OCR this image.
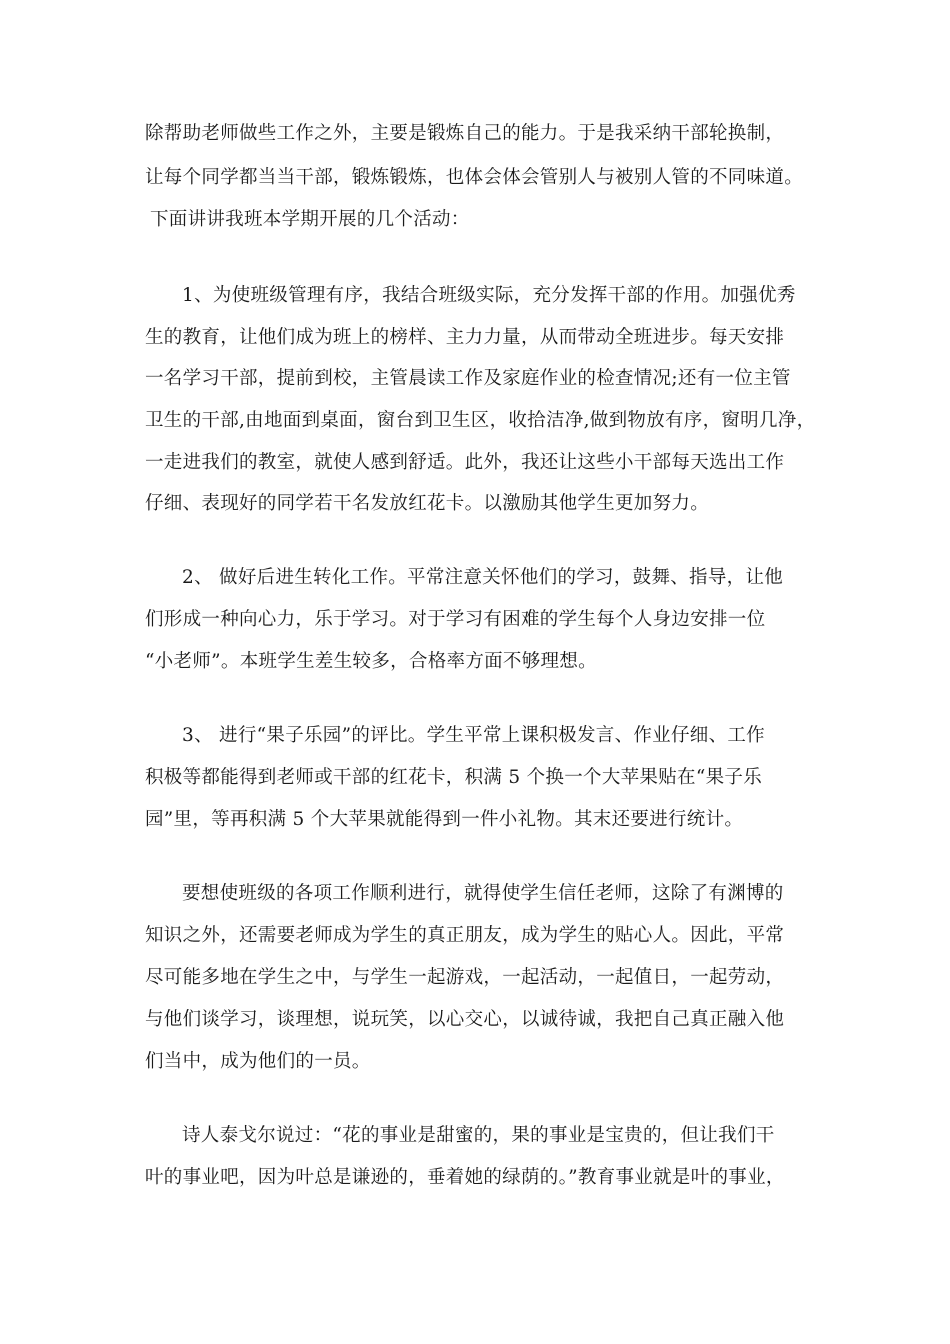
除帮助老师做些工作之外，主要是锻炼自己的能力。于是我采纳干部轮换制，
让每个同学都当当干部，锻炼锻炼，也体会体会管别人与被别人管的不同味道。
下面讲讲我班本学期开展的几个活动：
1、为使班级管理有序，我结合班级实际，充分发挥干部的作用。加强优秀
生的教育，让他们成为班上的榜样、主力力量，从而带动全班进步。每天安排
一名学习干部，提前到校，主管晨读工作及家庭作业的检查情况;还有一位主管
卫生的干部,由地面到桌面，窗台到卫生区，收拾洁净,做到物放有序，窗明几净，
一走进我们的教室，就使人感到舒适。此外，我还让这些小干部每天选出工作
仔细、表现好的同学若干名发放红花卡。以激励其他学生更加努力。
2、 做好后进生转化工作。平常注意关怀他们的学习，鼓舞、指导，让他
们形成一种向心力，乐于学习。对于学习有困难的学生每个人身边安排一位
“小老师”。本班学生差生较多，合格率方面不够理想。
3、 进行“果子乐园”的评比。学生平常上课积极发言、作业仔细、工作
积极等都能得到老师或干部的红花卡，积满 5 个换一个大苹果贴在“果子乐
园”里，等再积满 5 个大苹果就能得到一件小礼物。其末还要进行统计。
要想使班级的各项工作顺利进行，就得使学生信任老师，这除了有渊博的
知识之外，还需要老师成为学生的真正朋友，成为学生的贴心人。因此，平常
尽可能多地在学生之中，与学生一起游戏，一起活动，一起值日，一起劳动，
与他们谈学习，谈理想，说玩笑，以心交心，以诚待诚，我把自己真正融入他
们当中，成为他们的一员。
诗人泰戈尔说过：“花的事业是甜蜜的，果的事业是宝贵的，但让我们干
叶的事业吧，因为叶总是谦逊的，垂着她的绿荫的。”教育事业就是叶的事业，
